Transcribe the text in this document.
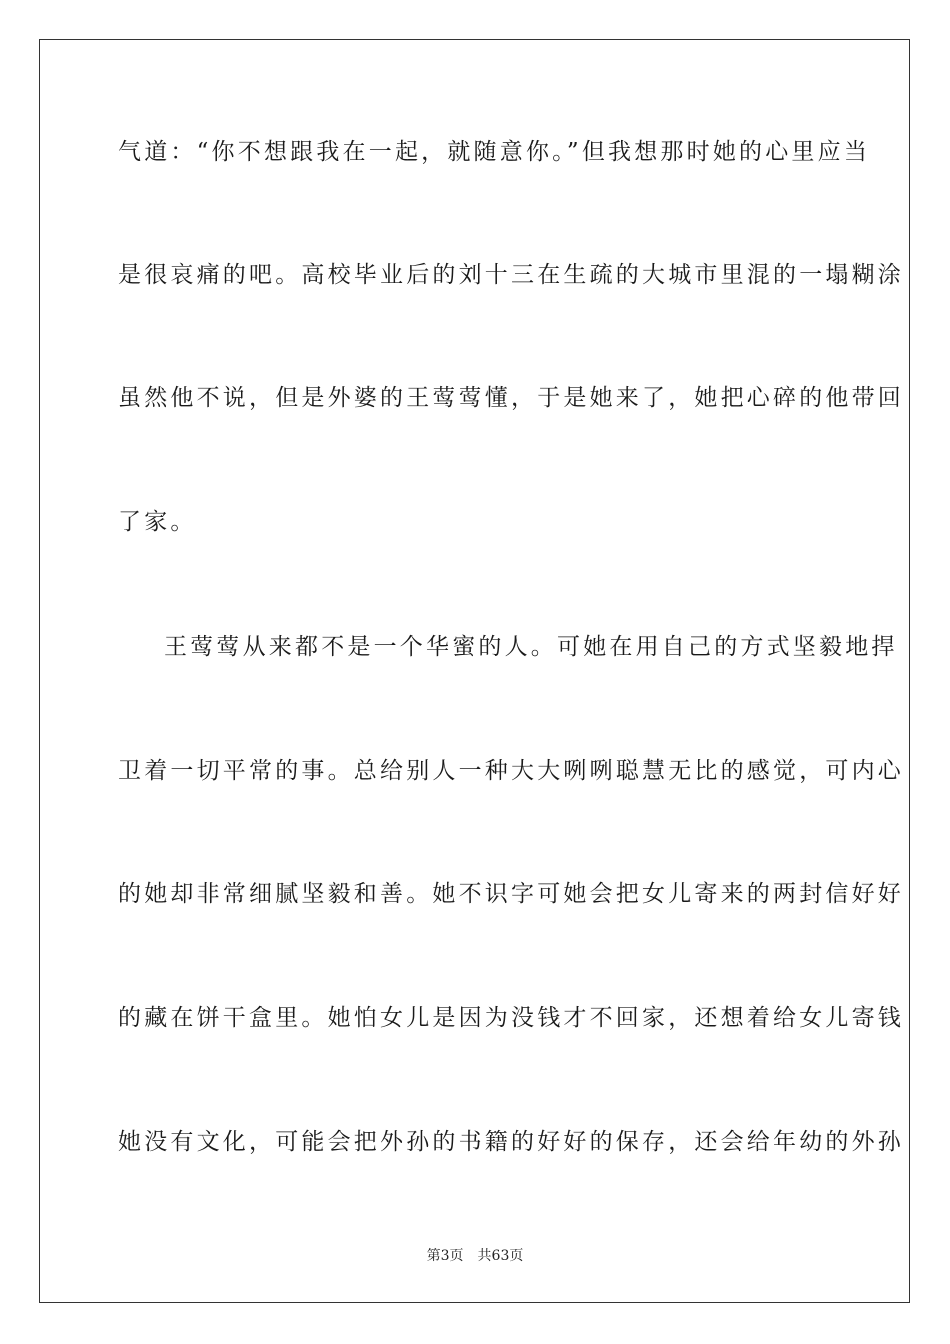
气道：“你不想跟我在一起，就随意你。”但我想那时她的心里应当
是很哀痛的吧。高校毕业后的刘十三在生疏的大城市里混的一塌糊涂
虽然他不说，但是外婆的王莺莺懂，于是她来了，她把心碎的他带回
了家。
王莺莺从来都不是一个华蜜的人。可她在用自己的方式坚毅地捍
卫着一切平常的事。总给别人一种大大咧咧聪慧无比的感觉，可内心
的她却非常细腻坚毅和善。她不识字可她会把女儿寄来的两封信好好
的藏在饼干盒里。她怕女儿是因为没钱才不回家，还想着给女儿寄钱
她没有文化，可能会把外孙的书籍的好好的保存，还会给年幼的外孙
第3页 共63页
